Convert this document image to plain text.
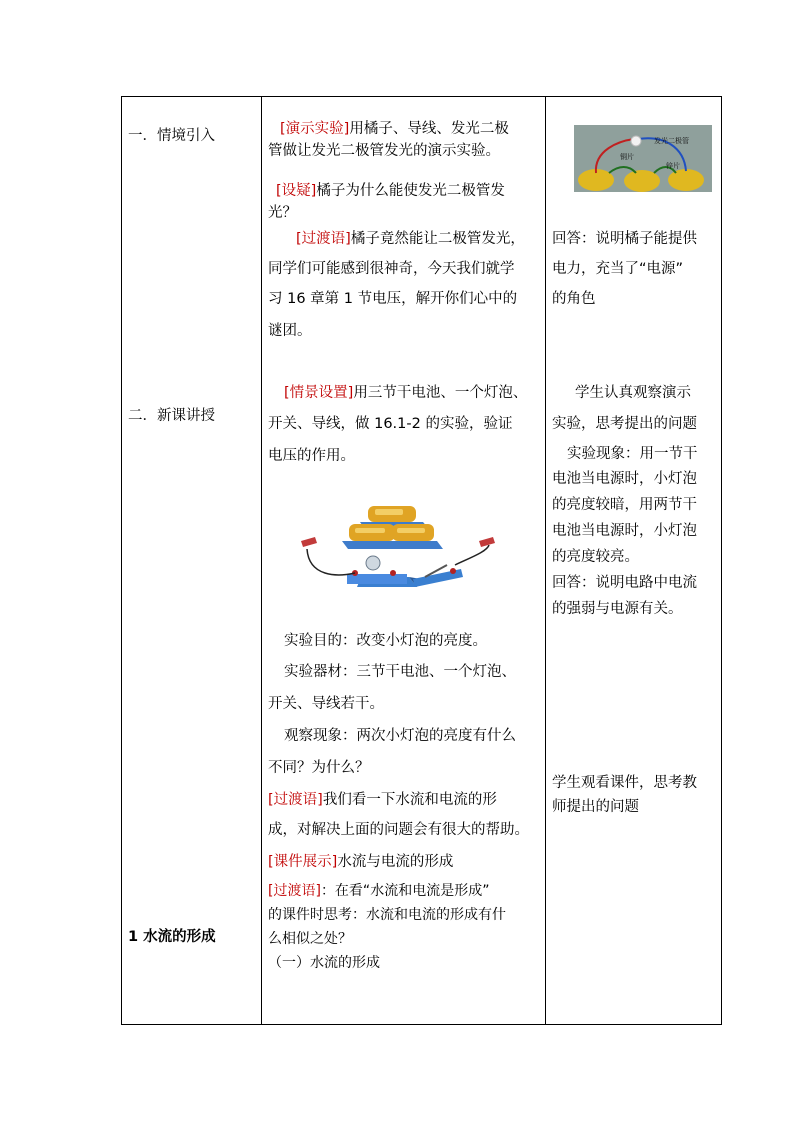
一．情境引入
二．新课讲授
1 水流的形成
[演示实验]用橘子、导线、发光二极
管做让发光二极管发光的演示实验。
[设疑]橘子为什么能使发光二极管发
光？
[过渡语]橘子竟然能让二极管发光，
同学们可能感到很神奇，今天我们就学
习 16 章第 1 节电压，解开你们心中的
谜团。
[情景设置]用三节干电池、一个灯泡、
开关、导线，做 16.1-2 的实验，验证
电压的作用。
实验目的：改变小灯泡的亮度。
实验器材：三节干电池、一个灯泡、
开关、导线若干。
观察现象：两次小灯泡的亮度有什么
不同？为什么？
[过渡语]我们看一下水流和电流的形
成，对解决上面的问题会有很大的帮助。
[课件展示]水流与电流的形成
[过渡语]：在看“水流和电流是形成”
的课件时思考：水流和电流的形成有什
么相似之处？
（一）水流的形成
发光二极管
铜片
锌片
回答：说明橘子能提供
电力，充当了“电源”
的角色
学生认真观察演示
实验，思考提出的问题
实验现象：用一节干
电池当电源时，小灯泡
的亮度较暗，用两节干
电池当电源时，小灯泡
的亮度较亮。
回答：说明电路中电流
的强弱与电源有关。
学生观看课件，思考教
师提出的问题
